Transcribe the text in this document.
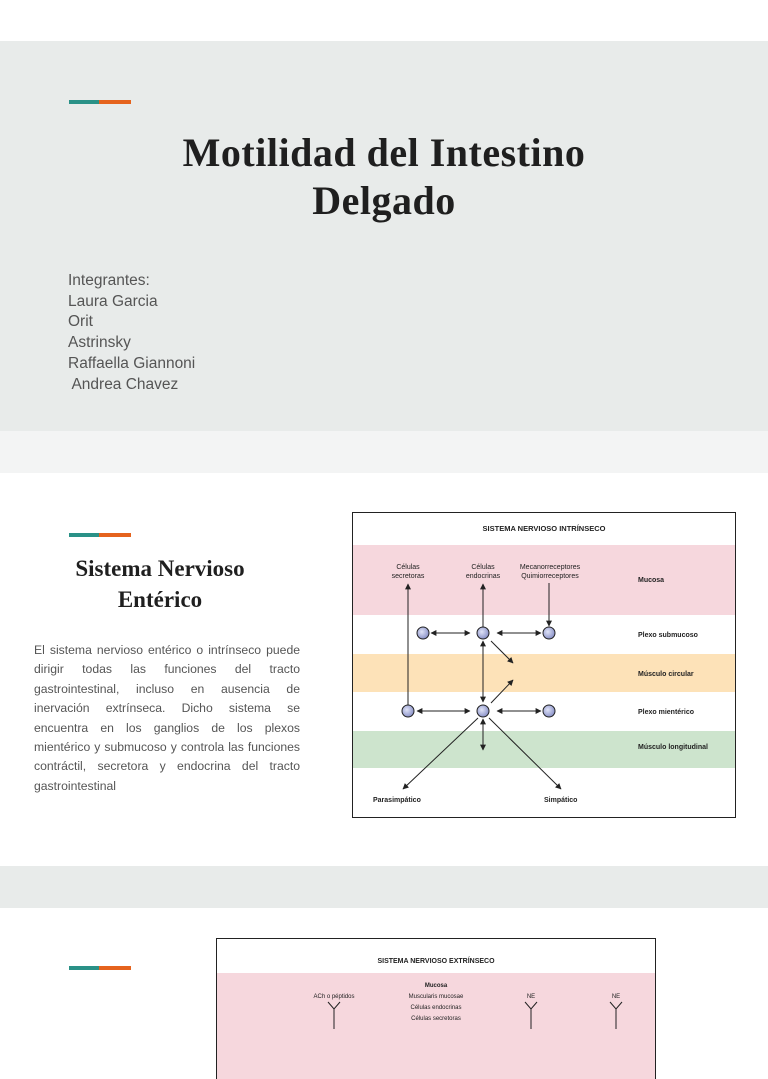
Motilidad del Intestino
Delgado
Integrantes:
Laura Garcia
Orit
Astrinsky
Raffaella Giannoni
Andrea Chavez
Sistema Nervioso
Entérico
El sistema nervioso entérico o intrínseco puede dirigir todas las funciones del tracto gastrointestinal, incluso en ausencia de inervación extrínseca. Dicho sistema se encuentra en los ganglios de los plexos mientérico y submucoso y controla las funciones contráctil, secretora y endocrina del tracto gastrointestinal
SISTEMA NERVIOSO INTRÍNSECO
Células
secretoras
Células
endocrinas
Mecanorreceptores
Quimiorreceptores
Mucosa
Plexo submucoso
Músculo circular
Plexo mientérico
Músculo longitudinal
Parasimpático	Simpático
SISTEMA NERVIOSO EXTRÍNSECO
Mucosa
Muscularis mucosae
Células endocrinas
Células secretoras
ACh o péptidos	NE	NE
